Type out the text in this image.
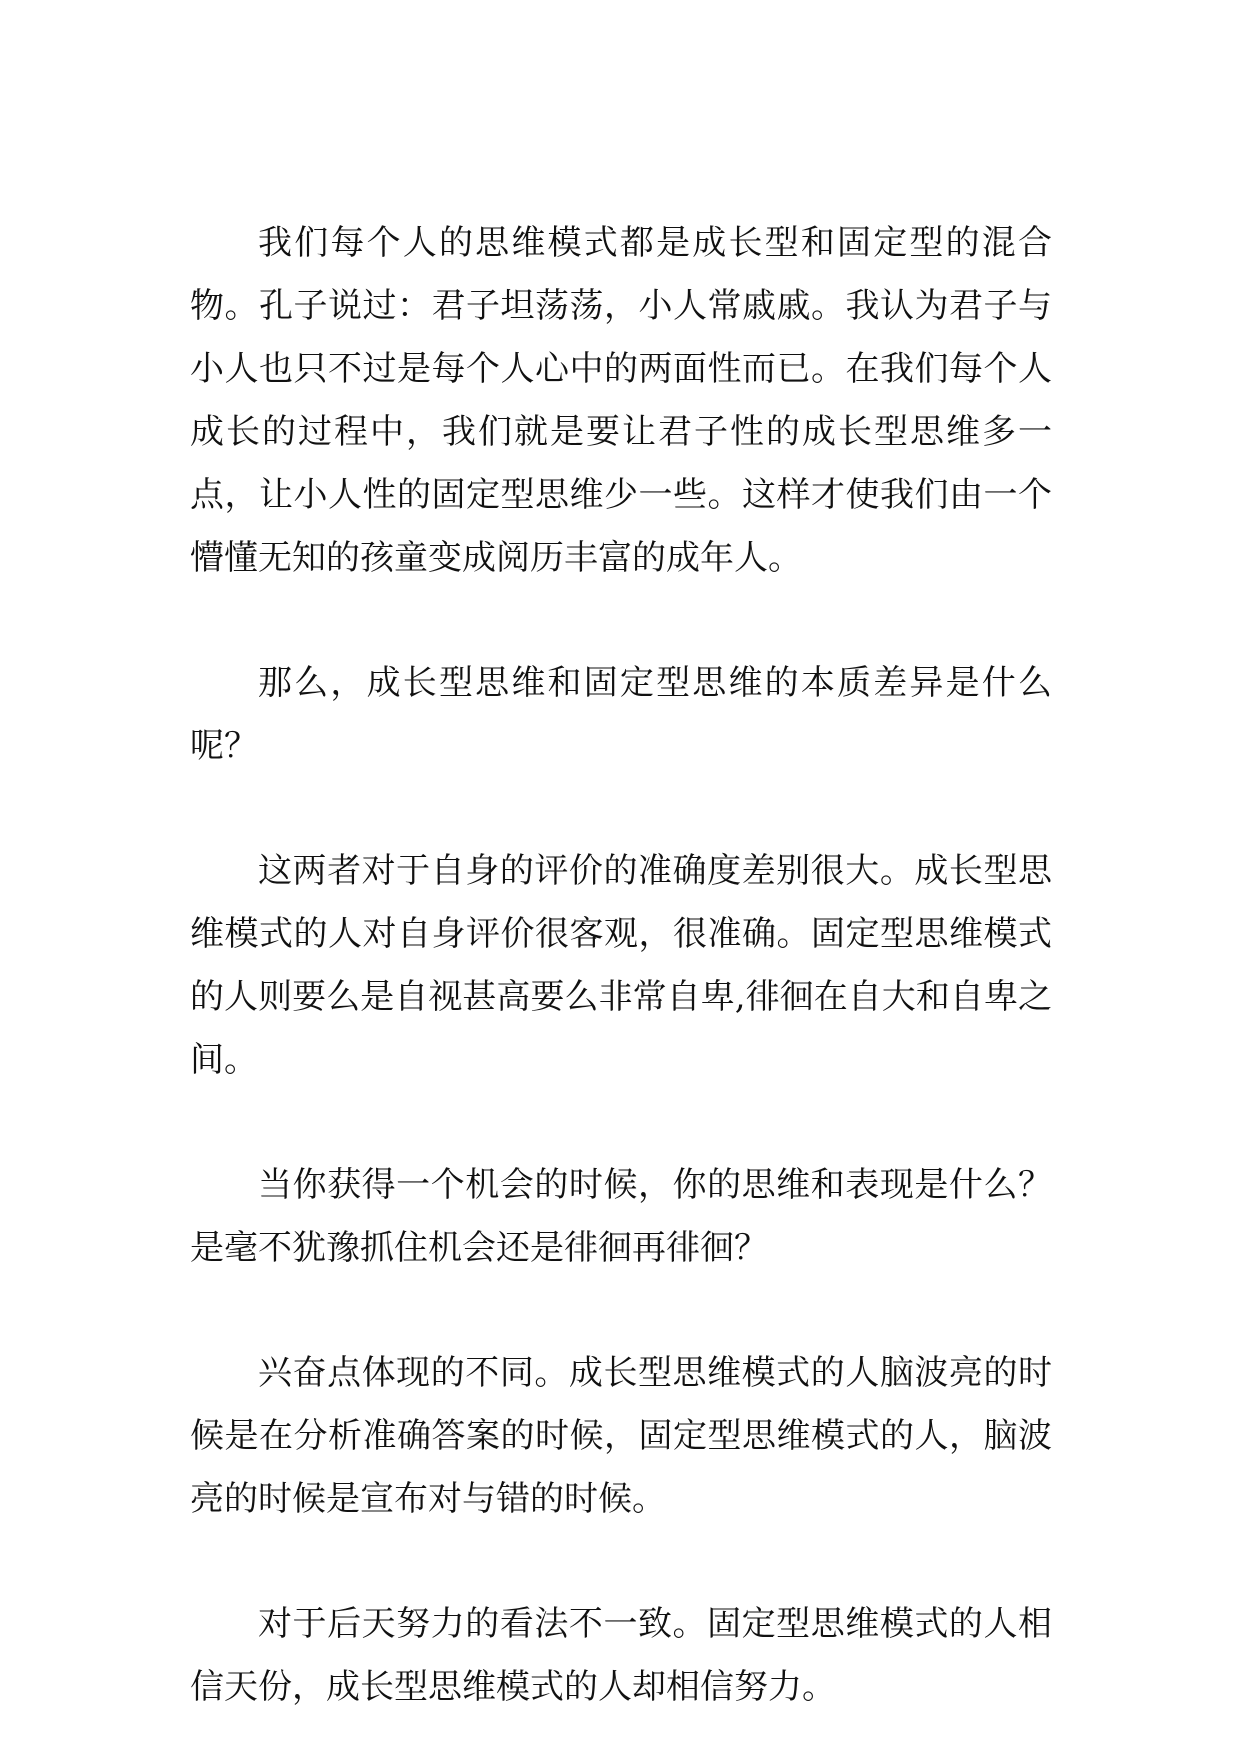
我们每个人的思维模式都是成长型和固定型的混合物。孔子说过：君子坦荡荡，小人常戚戚。我认为君子与小人也只不过是每个人心中的两面性而已。在我们每个人成长的过程中，我们就是要让君子性的成长型思维多一点，让小人性的固定型思维少一些。这样才使我们由一个懵懂无知的孩童变成阅历丰富的成年人。

那么，成长型思维和固定型思维的本质差异是什么呢？

这两者对于自身的评价的准确度差别很大。成长型思维模式的人对自身评价很客观，很准确。固定型思维模式的人则要么是自视甚高要么非常自卑,徘徊在自大和自卑之间。

当你获得一个机会的时候，你的思维和表现是什么？是毫不犹豫抓住机会还是徘徊再徘徊？

兴奋点体现的不同。成长型思维模式的人脑波亮的时候是在分析准确答案的时候，固定型思维模式的人，脑波亮的时候是宣布对与错的时候。

对于后天努力的看法不一致。固定型思维模式的人相信天份，成长型思维模式的人却相信努力。
